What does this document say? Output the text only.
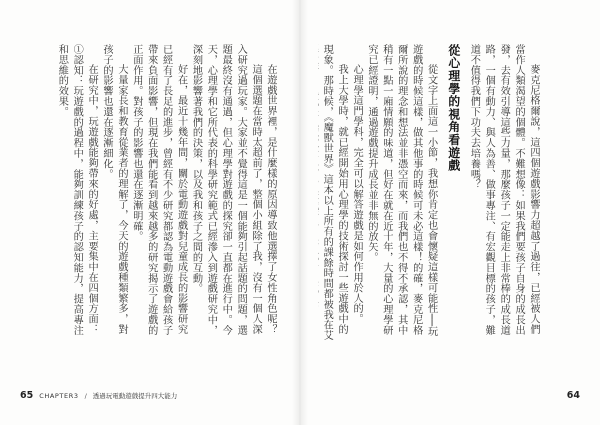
在遊戲世界裡，是什麼樣的原因導致他選擇了女性角色呢？

這個選題在當時太超前了，整個小組除了我，沒有一個人深入研究過玩家。大家並不覺得這是一個能夠引起話題的問題，選題最終沒有通過，但心理學對遊戲的探究卻一直都在進行中。今天，心理學和它所代表的科學研究範式已經滲入到遊戲研究中，深刻地影響著我們的決策，以及我和孩子之間的互動。

好在，最近十幾年間，關於電動遊戲對兒童成長的影響研究已經有了長足的進步，曾經有不少研究都認為電動遊戲會給孩子帶來負面影響，但現在我們能看到越來越多的研究揭示了遊戲的正面作用。對孩子的影響也還在逐漸明確。

大量家長和教育從業者的理解了，今天的遊戲種類繁多，對孩子的影響也還在逐漸細化。

在研究中，玩遊戲能夠帶來的好處，主要集中在四個方面：

①認知：玩遊戲的過程中，能夠訓練孩子的認知能力，提高專注和思維的效果。

65 CHAPTER3 / 透過玩電動遊戲提升四大能力	64

麥克尼格爾說，這四個遊戲影響力超越了過往，已經被人們當作人類渴望的個體。不難想像：如果我們要孩子自身的成長出發，去有效引導這些力量，那麼孩子一定能走上非常棒的成長道路，一個有動力、與人為善、做事專注、有宏觀目標的孩子，難道不值得我們下功夫去培養嗎？

從心理學的視角看遊戲

從文字上面這一小節，我想你肯定也會懷疑這樣可能性──玩遊戲的時候這樣，做其他事的時候可未必這樣！的確，麥克尼格爾所說的理念和想法並非憑空而來，而我們也不得不承認，其中稍有一點一廂情願的味道，但好在就在近十年，大量的心理學研究已經證明，通過遊戲提升成長並非無的放矢。

心理學這門學科，完全可以解答遊戲是如何作用於人的。

我上大學時，就已經開始用心理學的技術探討一些遊戲中的現象。那時候，《魔獸世界》這本以上所有的課餘時間都被我在艾
